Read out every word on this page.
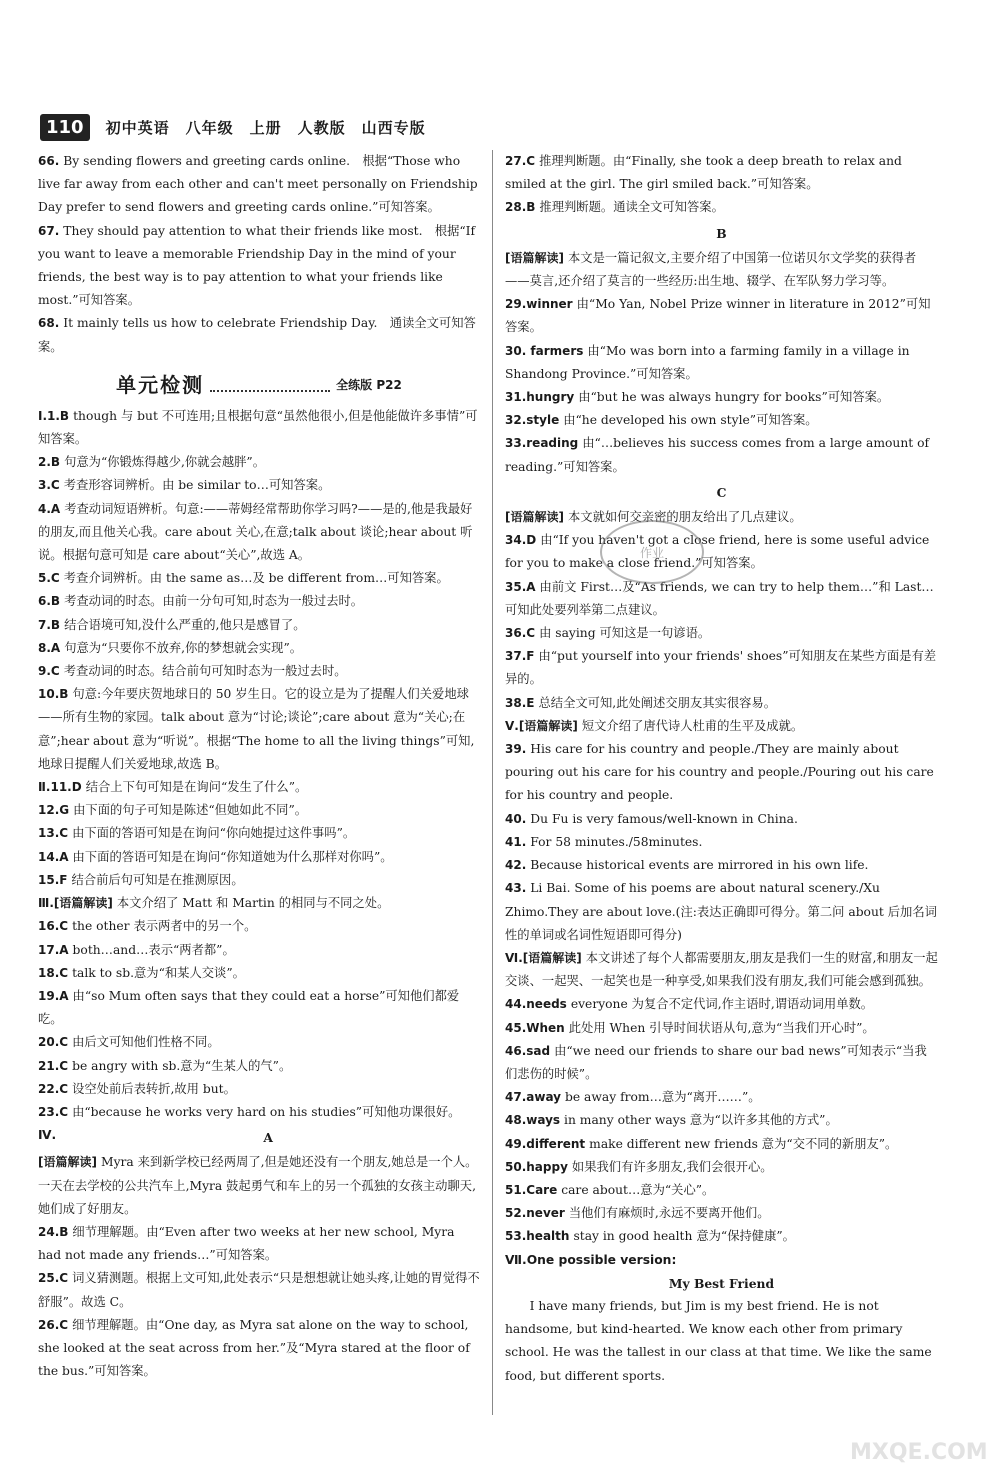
110	初中英语　八年级　上册　人教版　山西专版

66. By sending flowers and greeting cards online.　根据“Those who live far away from each other and can't meet personally on Friendship Day prefer to send flowers and greeting cards online.”可知答案。

67. They should pay attention to what their friends like most.　根据“If you want to leave a memorable Friendship Day in the mind of your friends, the best way is to pay attention to what your friends like most.”可知答案。

68. It mainly tells us how to celebrate Friendship Day.　通读全文可知答案。

单元检测	全练版 P22

Ⅰ.1.B though 与 but 不可连用;且根据句意“虽然他很小,但是他能做许多事情”可知答案。

2.B 句意为“你锻炼得越少,你就会越胖”。

3.C 考查形容词辨析。由 be similar to…可知答案。

4.A 考查动词短语辨析。句意:——蒂姆经常帮助你学习吗?——是的,他是我最好的朋友,而且他关心我。care about 关心,在意;talk about 谈论;hear about 听说。根据句意可知是 care about“关心”,故选 A。

5.C 考查介词辨析。由 the same as…及 be different from…可知答案。

6.B 考查动词的时态。由前一分句可知,时态为一般过去时。

7.B 结合语境可知,没什么严重的,他只是感冒了。

8.A 句意为“只要你不放弃,你的梦想就会实现”。

9.C 考查动词的时态。结合前句可知时态为一般过去时。

10.B 句意:今年要庆贺地球日的 50 岁生日。它的设立是为了提醒人们关爱地球——所有生物的家园。talk about 意为“讨论;谈论”;care about 意为“关心;在意”;hear about 意为“听说”。根据“The home to all the living things”可知,地球日提醒人们关爱地球,故选 B。

Ⅱ.11.D 结合上下句可知是在询问“发生了什么”。

12.G 由下面的句子可知是陈述“但她如此不同”。

13.C 由下面的答语可知是在询问“你向她提过这件事吗”。

14.A 由下面的答语可知是在询问“你知道她为什么那样对你吗”。

15.F 结合前后句可知是在推测原因。

Ⅲ.[语篇解读] 本文介绍了 Matt 和 Martin 的相同与不同之处。

16.C the other 表示两者中的另一个。

17.A both…and…表示“两者都”。

18.C talk to sb.意为“和某人交谈”。

19.A 由“so Mum often says that they could eat a horse”可知他们都爱吃。

20.C 由后文可知他们性格不同。

21.C be angry with sb.意为“生某人的气”。

22.C 设空处前后表转折,故用 but。

23.C 由“because he works very hard on his studies”可知他功课很好。

Ⅳ.	A

[语篇解读] Myra 来到新学校已经两周了,但是她还没有一个朋友,她总是一个人。一天在去学校的公共汽车上,Myra 鼓起勇气和车上的另一个孤独的女孩主动聊天,她们成了好朋友。

24.B 细节理解题。由“Even after two weeks at her new school, Myra had not made any friends…”可知答案。

25.C 词义猜测题。根据上文可知,此处表示“只是想想就让她头疼,让她的胃觉得不舒服”。故选 C。

26.C 细节理解题。由“One day, as Myra sat alone on the way to school, she looked at the seat across from her.”及“Myra stared at the floor of the bus.”可知答案。

27.C 推理判断题。由“Finally, she took a deep breath to relax and smiled at the girl. The girl smiled back.”可知答案。

28.B 推理判断题。通读全文可知答案。

B

[语篇解读] 本文是一篇记叙文,主要介绍了中国第一位诺贝尔文学奖的获得者——莫言,还介绍了莫言的一些经历:出生地、辍学、在军队努力学习等。

29.winner 由“Mo Yan, Nobel Prize winner in literature in 2012”可知答案。

30. farmers 由“Mo was born into a farming family in a village in Shandong Province.”可知答案。

31.hungry 由“but he was always hungry for books”可知答案。

32.style 由“he developed his own style”可知答案。

33.reading 由“…believes his success comes from a large amount of reading.”可知答案。

C

[语篇解读] 本文就如何交亲密的朋友给出了几点建议。

34.D 由“If you haven't got a close friend, here is some useful advice for you to make a close friend.”可知答案。

35.A 由前文 First…及“As friends, we can try to help them…”和 Last…可知此处要列举第二点建议。

36.C 由 saying 可知这是一句谚语。

37.F 由“put yourself into your friends' shoes”可知朋友在某些方面是有差异的。

38.E 总结全文可知,此处阐述交朋友其实很容易。

Ⅴ.[语篇解读] 短文介绍了唐代诗人杜甫的生平及成就。

39. His care for his country and people./They are mainly about pouring out his care for his country and people./Pouring out his care for his country and people.

40. Du Fu is very famous/well-known in China.

41. For 58 minutes./58minutes.

42. Because historical events are mirrored in his own life.

43. Li Bai. Some of his poems are about natural scenery./Xu Zhimo.They are about love.(注:表达正确即可得分。第二问 about 后加名词性的单词或名词性短语即可得分)

Ⅵ.[语篇解读] 本文讲述了每个人都需要朋友,朋友是我们一生的财富,和朋友一起交谈、一起哭、一起笑也是一种享受,如果我们没有朋友,我们可能会感到孤独。

44.needs everyone 为复合不定代词,作主语时,谓语动词用单数。

45.When 此处用 When 引导时间状语从句,意为“当我们开心时”。

46.sad 由“we need our friends to share our bad news”可知表示“当我们悲伤的时候”。

47.away be away from…意为“离开……”。

48.ways in many other ways 意为“以许多其他的方式”。

49.different make different new friends 意为“交不同的新朋友”。

50.happy 如果我们有许多朋友,我们会很开心。

51.Care care about…意为“关心”。

52.never 当他们有麻烦时,永远不要离开他们。

53.health stay in good health 意为“保持健康”。

Ⅶ.One possible version:
My Best Friend
I have many friends, but Jim is my best friend. He is not handsome, but kind-hearted. We know each other from primary school. He was the tallest in our class at that time. We like the same food, but different sports.
作业
MXQE.COM
